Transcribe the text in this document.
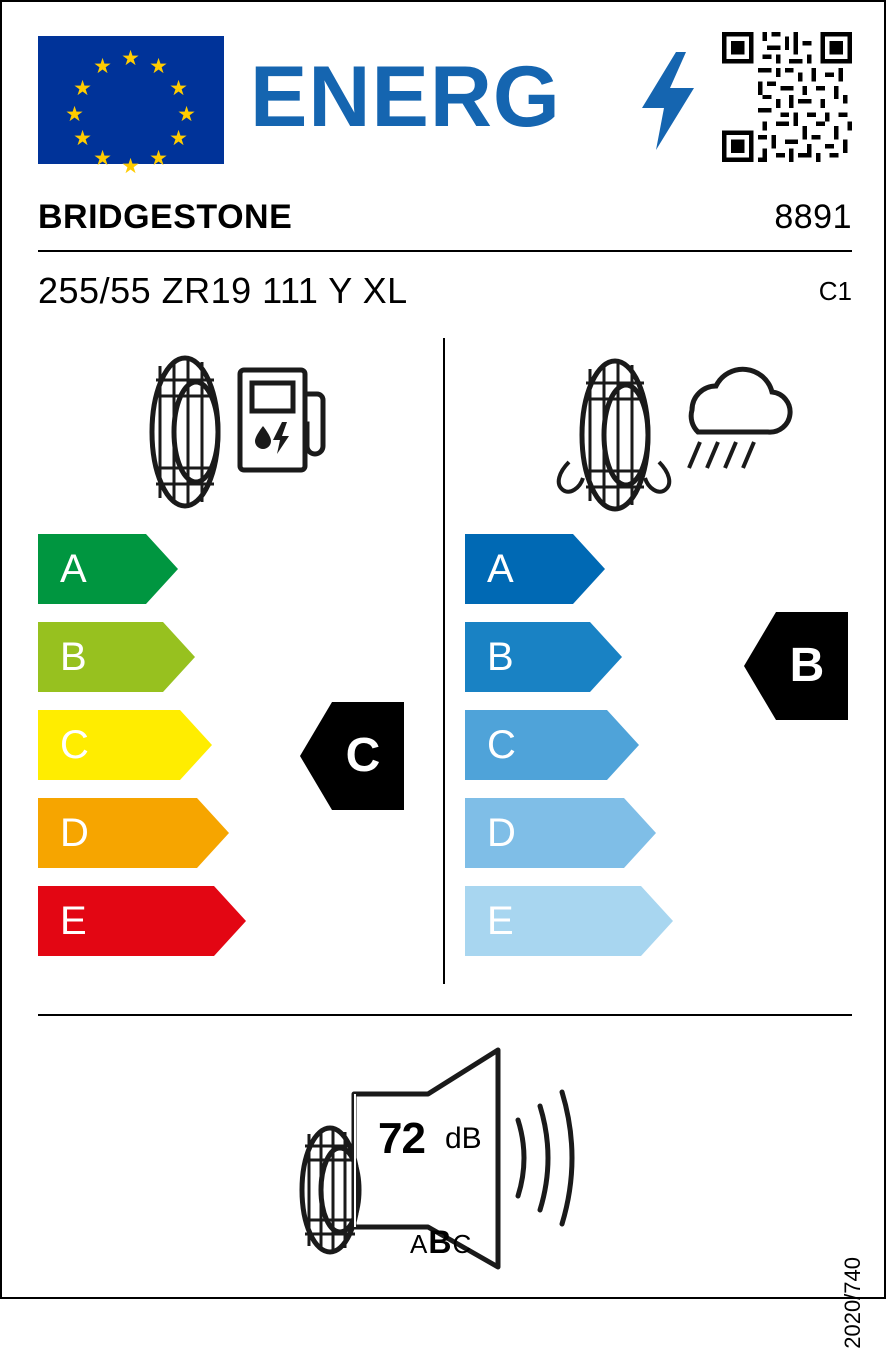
★
★ ★
★	★
★	★
★	★
★ ★
★
ENERG
BRIDGESTONE	8891
255/55 ZR19 111 Y XL	C1
A
B
C
D
E
C
A
B
C
D
E
B
72 dB
ABC
2020/740
